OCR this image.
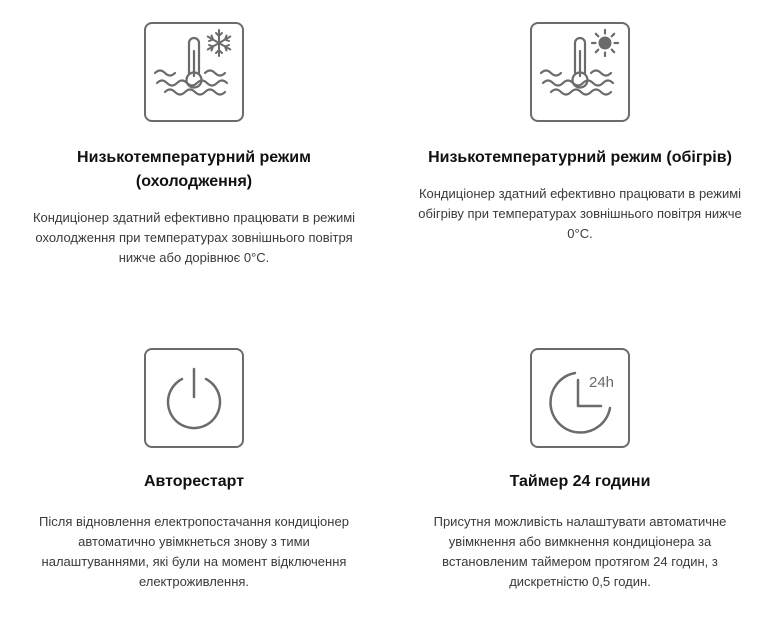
Низькотемпературний режим (охолодження)
Кондиціонер здатний ефективно працювати в режимі охолодження при температурах зовнішнього повітря нижче або дорівнює 0°С.
Низькотемпературний режим (обігрів)
Кондиціонер здатний ефективно працювати в режимі обігріву при температурах зовнішнього повітря нижче 0°С.
Авторестарт
Після відновлення електропостачання кондиціонер автоматично увімкнеться знову з тими налаштуваннями, які були на момент відключення електроживлення.
24h
Таймер 24 години
Присутня можливість налаштувати автоматичне увімкнення або вимкнення кондиціонера за встановленим таймером протягом 24 годин, з дискретністю 0,5 годин.
